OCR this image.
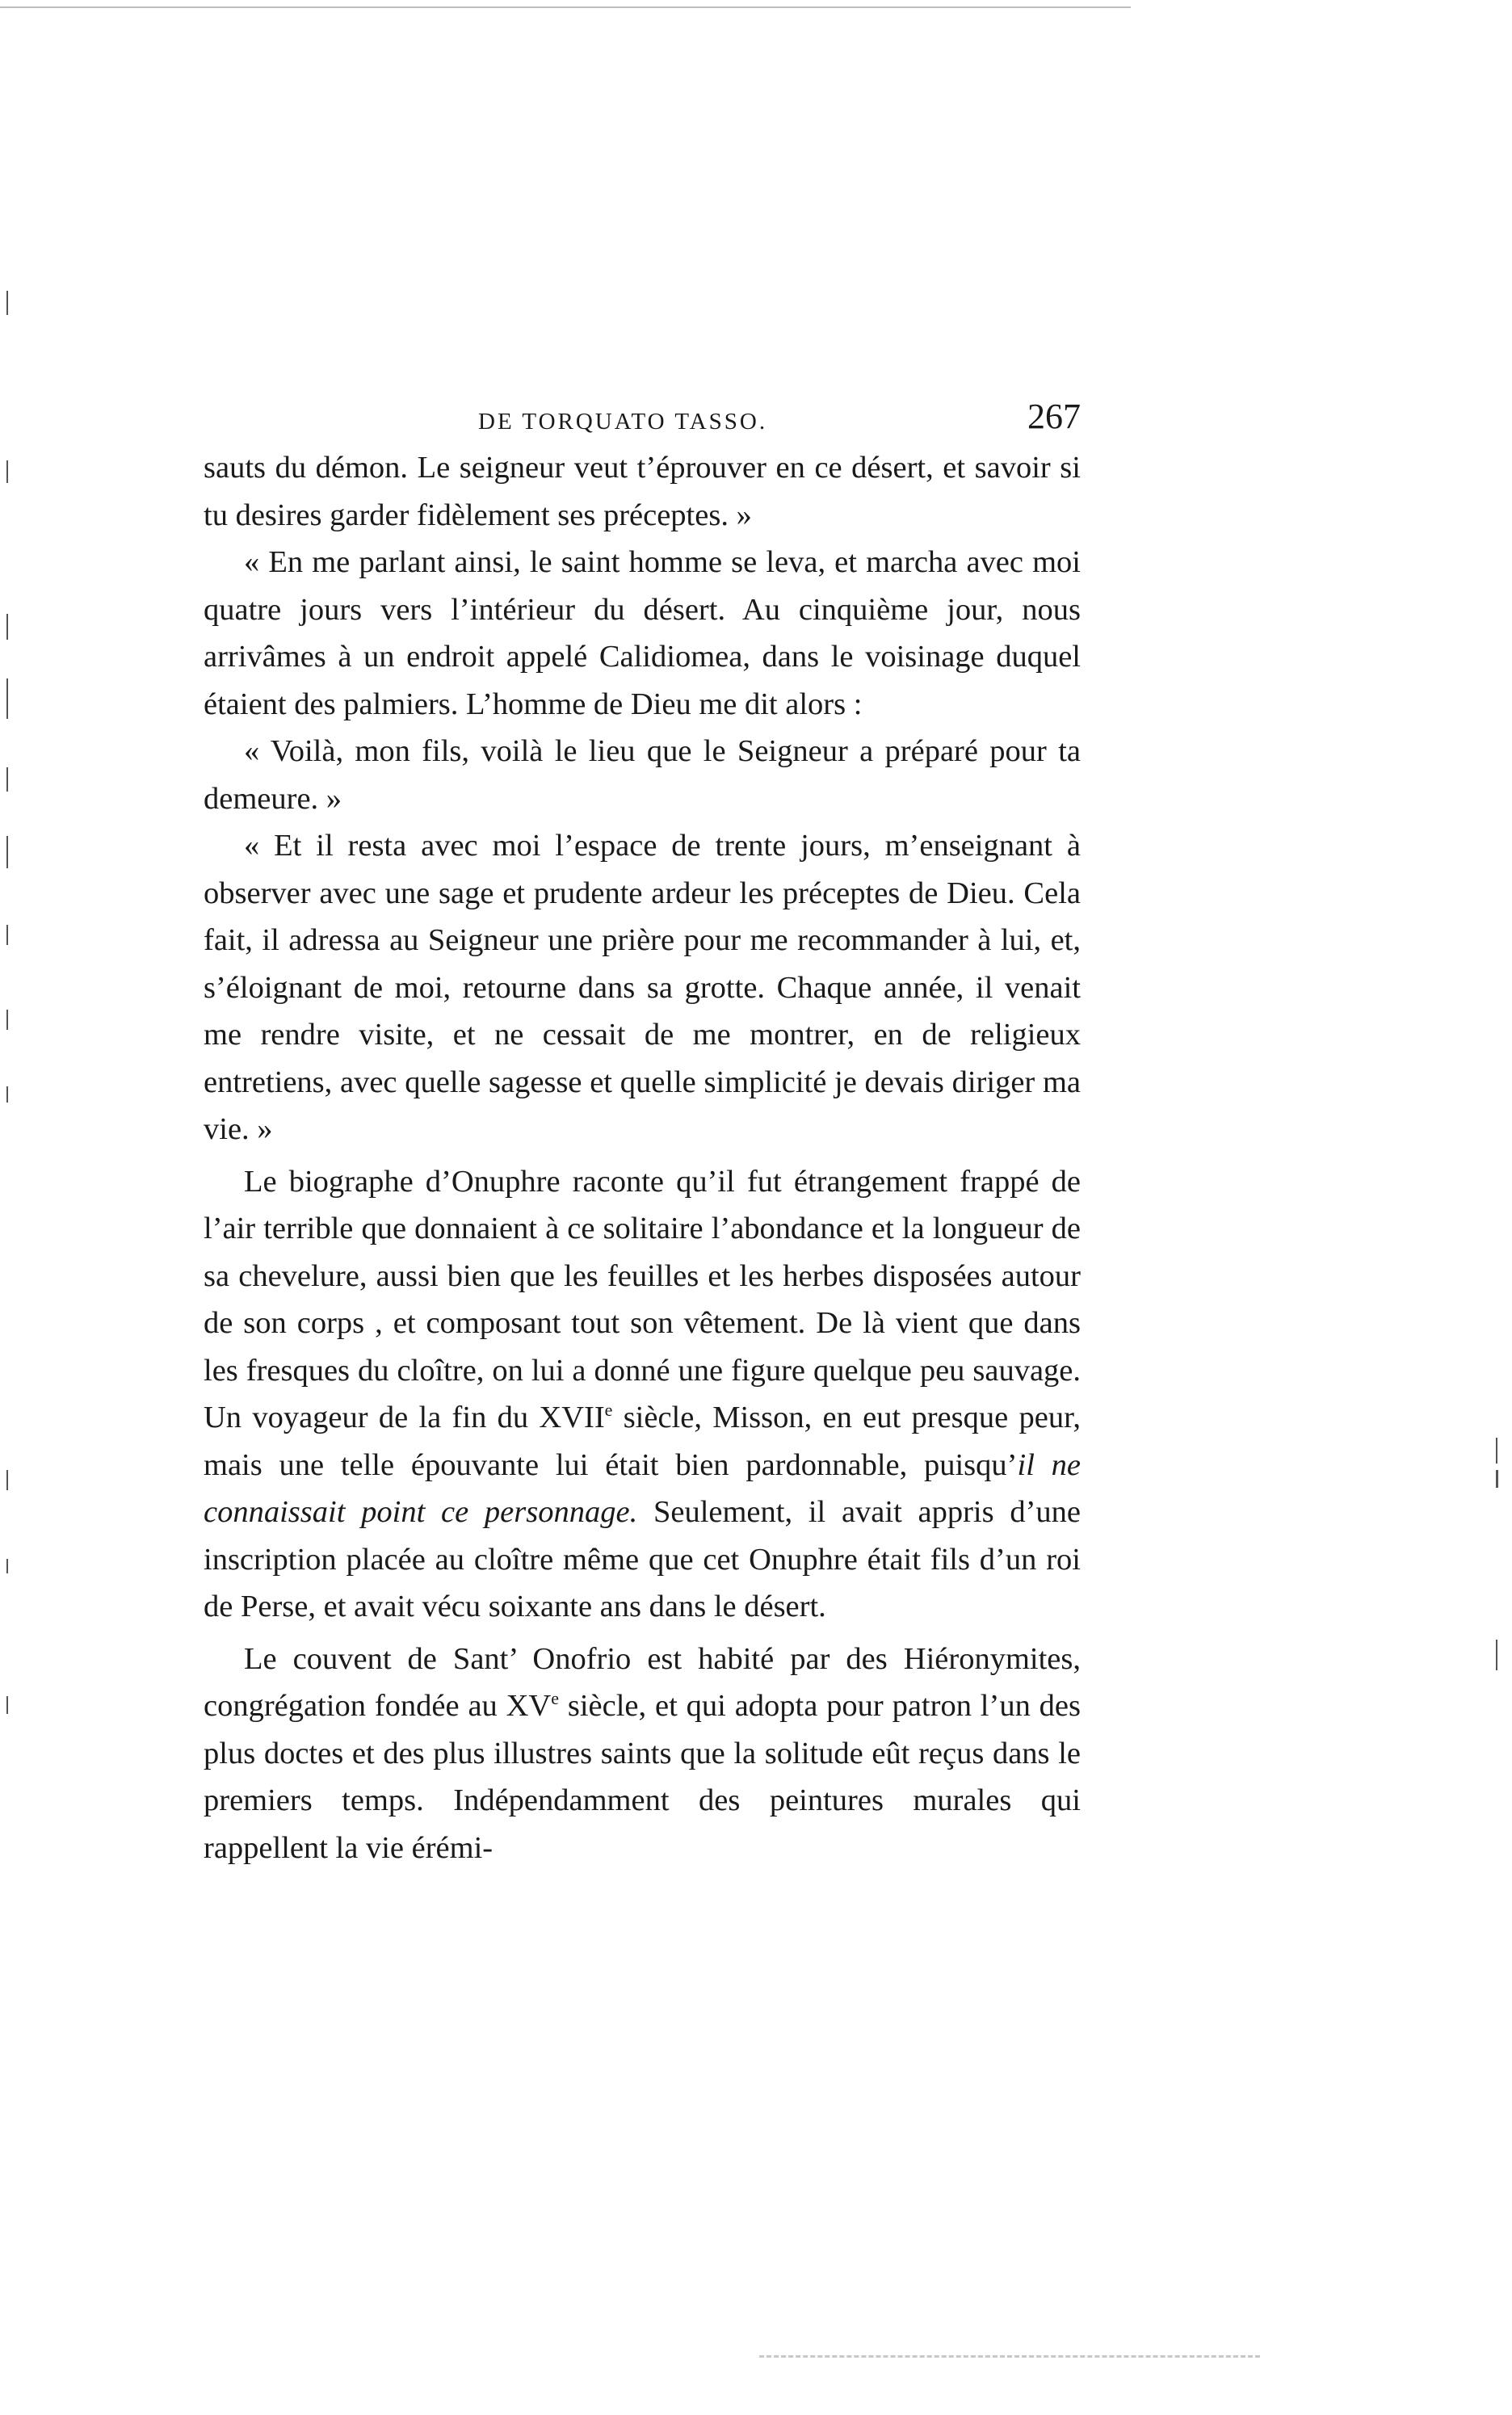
DE TORQUATO TASSO.	267

sauts du démon. Le seigneur veut t’éprouver en ce désert, et savoir si tu desires garder fidèlement ses préceptes. »

« En me parlant ainsi, le saint homme se leva, et marcha avec moi quatre jours vers l’intérieur du désert. Au cinquième jour, nous arrivâmes à un endroit appelé Calidiomea, dans le voisinage duquel étaient des palmiers. L’homme de Dieu me dit alors :

« Voilà, mon fils, voilà le lieu que le Seigneur a préparé pour ta demeure. »

« Et il resta avec moi l’espace de trente jours, m’enseignant à observer avec une sage et prudente ardeur les préceptes de Dieu. Cela fait, il adressa au Seigneur une prière pour me recommander à lui, et, s’éloignant de moi, retourne dans sa grotte. Chaque année, il venait me rendre visite, et ne cessait de me montrer, en de religieux entretiens, avec quelle sagesse et quelle simplicité je devais diriger ma vie. »

Le biographe d’Onuphre raconte qu’il fut étrangement frappé de l’air terrible que donnaient à ce solitaire l’abondance et la longueur de sa chevelure, aussi bien que les feuilles et les herbes disposées autour de son corps , et composant tout son vêtement. De là vient que dans les fresques du cloître, on lui a donné une figure quelque peu sauvage. Un voyageur de la fin du XVIIe siècle, Misson, en eut presque peur, mais une telle épouvante lui était bien pardonnable, puisqu’il ne connaissait point ce personnage. Seulement, il avait appris d’une inscription placée au cloître même que cet Onuphre était fils d’un roi de Perse, et avait vécu soixante ans dans le désert.

Le couvent de Sant’ Onofrio est habité par des Hiéronymites, congrégation fondée au XVe siècle, et qui adopta pour patron l’un des plus doctes et des plus illustres saints que la solitude eût reçus dans le premiers temps. Indépendamment des peintures murales qui rappellent la vie érémi-
